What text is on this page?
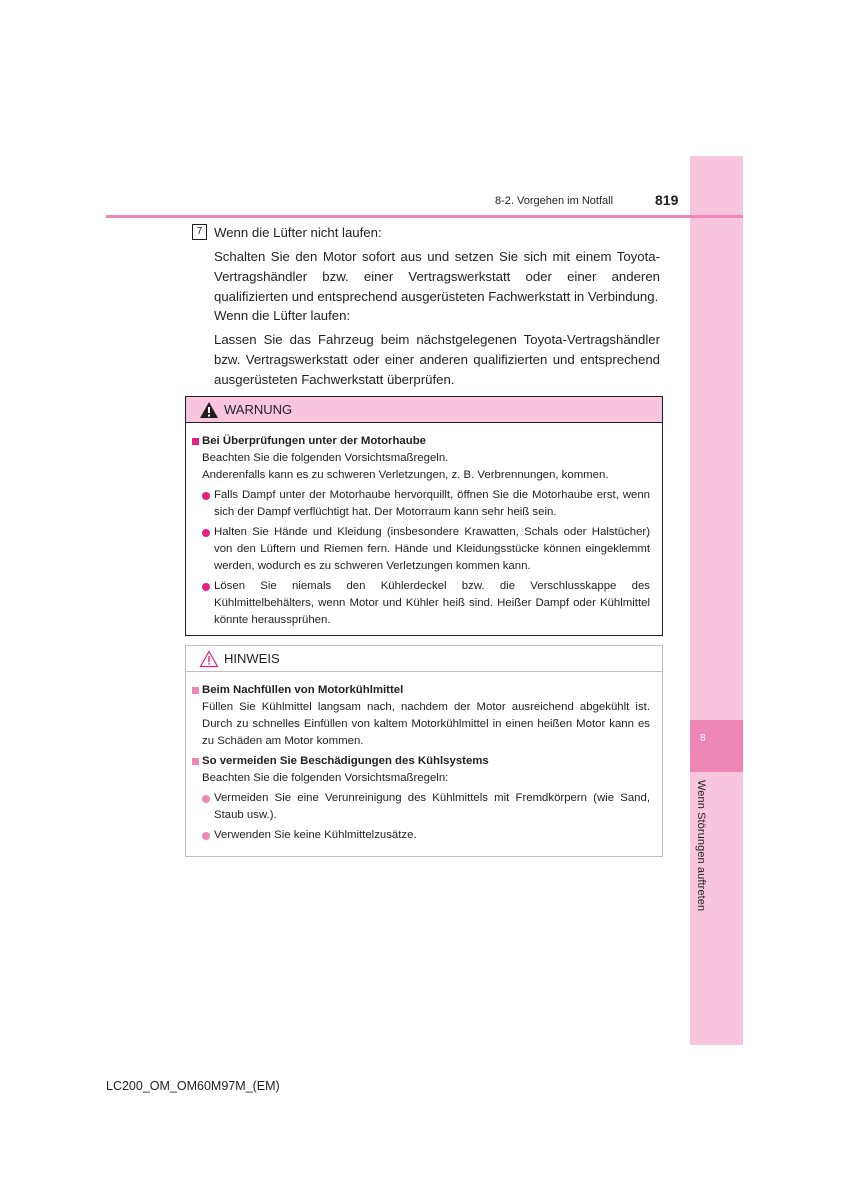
8
Wenn Störungen auftreten
8-2. Vorgehen im Notfall	819
7 Wenn die Lüfter nicht laufen:
Schalten Sie den Motor sofort aus und setzen Sie sich mit einem Toyota-Vertragshändler bzw. einer Vertragswerkstatt oder einer anderen qualifizierten und entsprechend ausgerüsteten Fachwerkstatt in Verbindung.
Wenn die Lüfter laufen:
Lassen Sie das Fahrzeug beim nächstgelegenen Toyota-Vertragshändler bzw. Vertragswerkstatt oder einer anderen qualifizierten und entsprechend ausgerüsteten Fachwerkstatt überprüfen.
WARNUNG
Bei Überprüfungen unter der Motorhaube
Beachten Sie die folgenden Vorsichtsmaßregeln.
Anderenfalls kann es zu schweren Verletzungen, z. B. Verbrennungen, kommen.
Falls Dampf unter der Motorhaube hervorquillt, öffnen Sie die Motorhaube erst, wenn sich der Dampf verflüchtigt hat. Der Motorraum kann sehr heiß sein.
Halten Sie Hände und Kleidung (insbesondere Krawatten, Schals oder Halstücher) von den Lüftern und Riemen fern. Hände und Kleidungsstücke können eingeklemmt werden, wodurch es zu schweren Verletzungen kommen kann.
Lösen Sie niemals den Kühlerdeckel bzw. die Verschlusskappe des Kühlmittelbehälters, wenn Motor und Kühler heiß sind. Heißer Dampf oder Kühlmittel könnte heraussprühen.
HINWEIS
Beim Nachfüllen von Motorkühlmittel
Füllen Sie Kühlmittel langsam nach, nachdem der Motor ausreichend abgekühlt ist. Durch zu schnelles Einfüllen von kaltem Motorkühlmittel in einen heißen Motor kann es zu Schäden am Motor kommen.
So vermeiden Sie Beschädigungen des Kühlsystems
Beachten Sie die folgenden Vorsichtsmaßregeln:
Vermeiden Sie eine Verunreinigung des Kühlmittels mit Fremdkörpern (wie Sand, Staub usw.).
Verwenden Sie keine Kühlmittelzusätze.
LC200_OM_OM60M97M_(EM)
